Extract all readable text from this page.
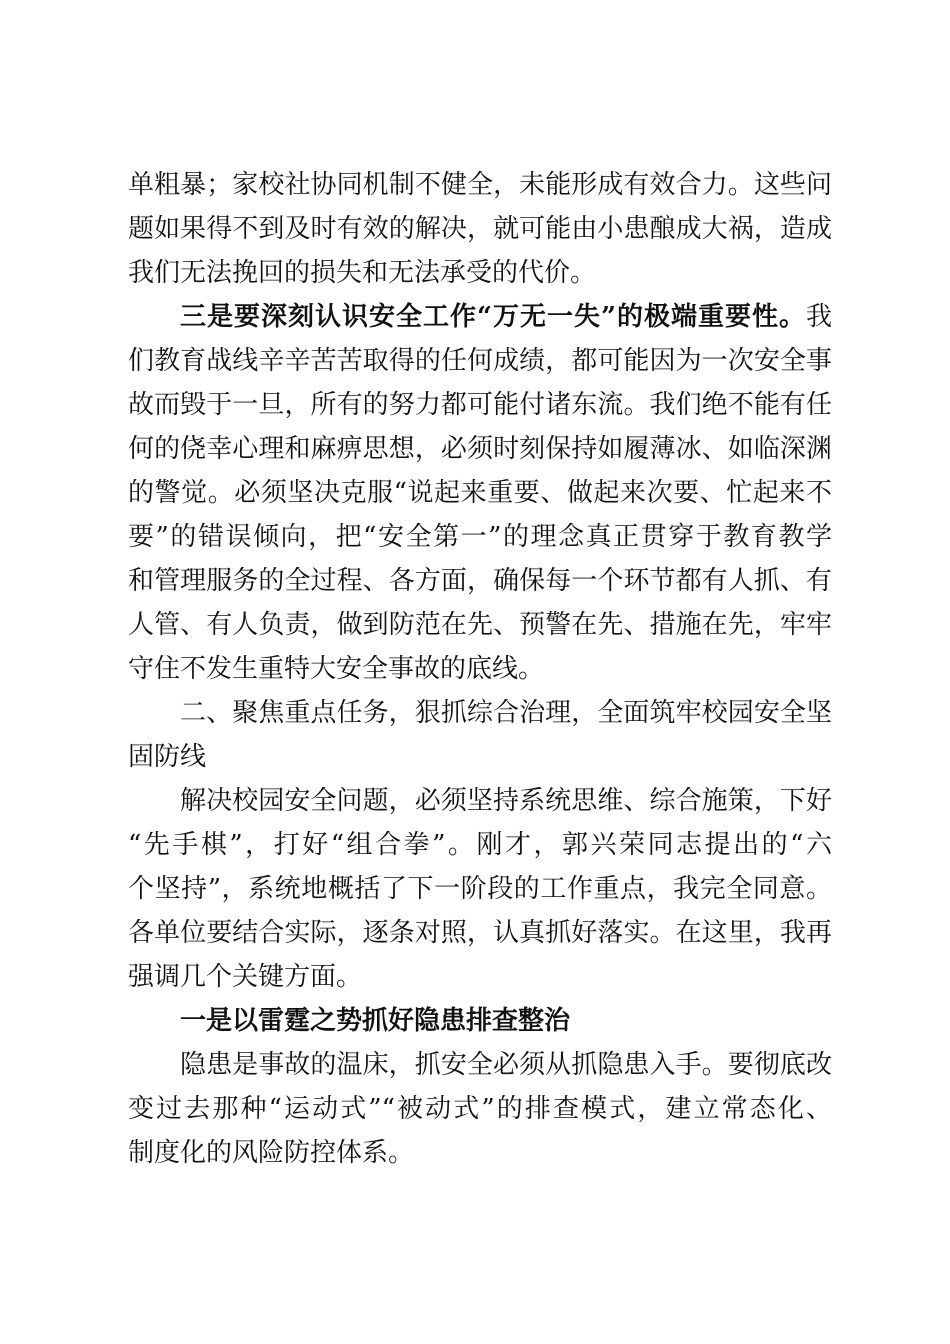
单粗暴；家校社协同机制不健全，未能形成有效合力。这些问
题如果得不到及时有效的解决，就可能由小患酿成大祸，造成
我们无法挽回的损失和无法承受的代价。
三是要深刻认识安全工作“万无一失”的极端重要性。我
们教育战线辛辛苦苦取得的任何成绩，都可能因为一次安全事
故而毁于一旦，所有的努力都可能付诸东流。我们绝不能有任
何的侥幸心理和麻痹思想，必须时刻保持如履薄冰、如临深渊
的警觉。必须坚决克服“说起来重要、做起来次要、忙起来不
要”的错误倾向，把“安全第一”的理念真正贯穿于教育教学
和管理服务的全过程、各方面，确保每一个环节都有人抓、有
人管、有人负责，做到防范在先、预警在先、措施在先，牢牢
守住不发生重特大安全事故的底线。
二、聚焦重点任务，狠抓综合治理，全面筑牢校园安全坚
固防线
解决校园安全问题，必须坚持系统思维、综合施策，下好
“先手棋”，打好“组合拳”。刚才，郭兴荣同志提出的“六
个坚持”，系统地概括了下一阶段的工作重点，我完全同意。
各单位要结合实际，逐条对照，认真抓好落实。在这里，我再
强调几个关键方面。
一是以雷霆之势抓好隐患排查整治
隐患是事故的温床，抓安全必须从抓隐患入手。要彻底改
变过去那种“运动式”“被动式”的排查模式，建立常态化、
制度化的风险防控体系。
